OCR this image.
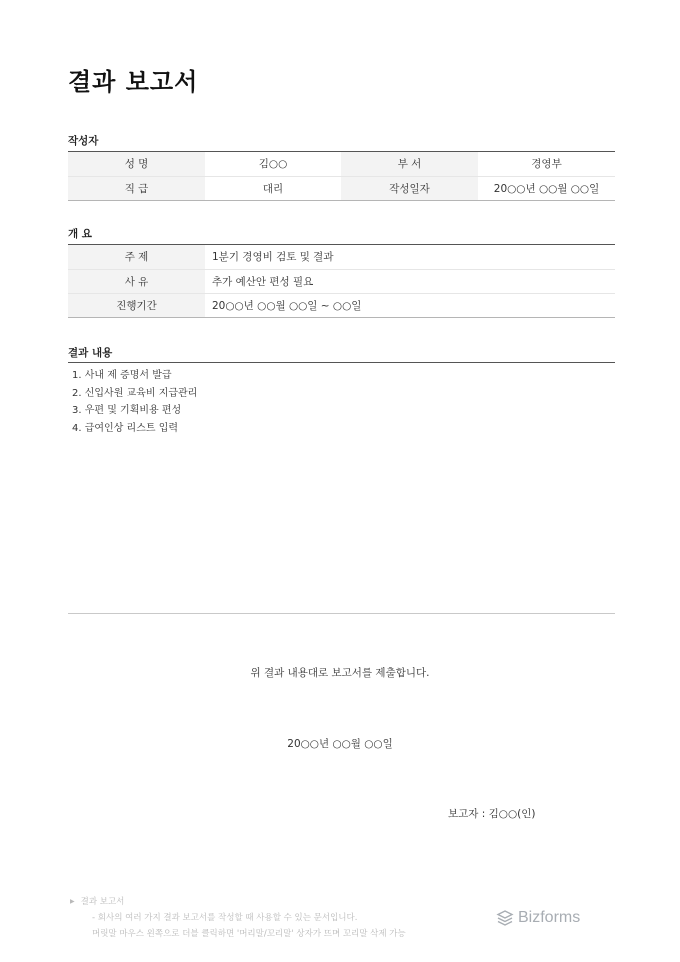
결과 보고서
작성자
성 명	김○○	부 서	경영부
직 급	대리	작성일자	20○○년 ○○월 ○○일
개 요
주 제	1분기 경영비 검토 및 결과
사 유	추가 예산안 편성 필요
진행기간	20○○년 ○○월 ○○일 ~ ○○일
결과 내용
1. 사내 제 증명서 발급
2. 신입사원 교육비 지급관리
3. 우편 및 기획비용 편성
4. 급여인상 리스트 입력
위 결과 내용대로 보고서를 제출합니다.
20○○년 ○○월 ○○일
보고자 : 김○○(인)
▶ 결과 보고서
- 회사의 여러 가지 결과 보고서를 작성할 때 사용할 수 있는 문서입니다.
머릿말 마우스 왼쪽으로 더블 클릭하면 '머리말/꼬리말' 상자가 뜨며 꼬리말 삭제 가능
Bizforms
